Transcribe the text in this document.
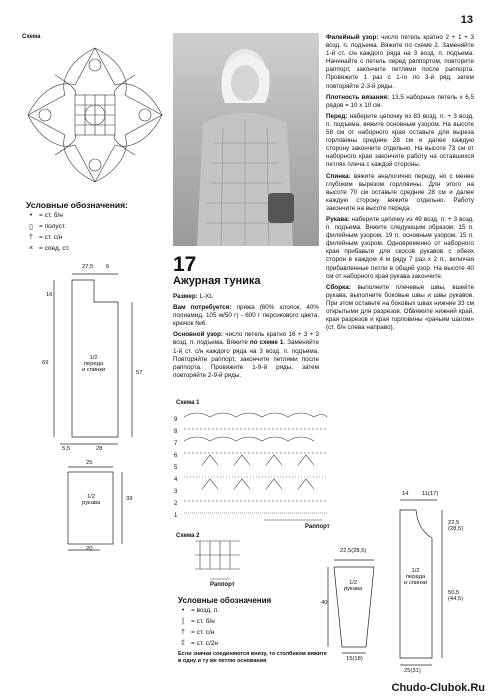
13
Схема
Условные обозначения:
•	= ст. б/н
▯ = полуст.
† = ст. с/н
× = соед. ст.
27,5 6
69
57
16
5,5	28
1/2
переда
и спинки
25
39
20
1/2
рукава
17
Ажурная туника
Размер: L-XL
Вам потребуется: пряжа (60% хлопок, 40% полиамид, 105 м/50 г) - 600 г персикового цвета, крючок №6.
Основной узор: число петель кратно 16 + 3 + 3 возд. п. подъема. Вяжите по схеме 1. Заменяйте 1-й ст. с/н каждого ряда на 3 возд. п. подъема. Повторяйте раппорт, закончите петлями после раппорта. Провяжите 1-9-й ряды, затем повторяйте 2-9-й ряды.
Филейный узор: число петель кратно 2 + 1 + 3 возд. п. подъема. Вяжите по схеме 2. Заменяйте 1-й ст. с/н каждого ряда на 3 возд. п. подъема. Начинайте с петель перед раппортом, повторите раппорт, закончите петлями после раппорта. Провяжите 1 раз с 1-го по 3-й ряд, затем повторяйте 2-3-й ряды.
Плотность вязания: 13,5 наборных петель х 6,5 рядов = 10 х 10 см.
Перед: наберите цепочку из 83 возд. п. + 3 возд. п. подъема, вяжите основным узором. На высоте 58 см от наборного края оставьте для выреза горловины средние 28 см и далее каждую сторону закончите отдельно. На высоте 73 см от наборного края закончите работу на оставшихся петлях плеча с каждой стороны.
Спинка: вяжите аналогично переду, но с менее глубоким вырезом горловины. Для этого на высоте 70 см оставьте средние 28 см и далее каждую сторону вяжите отдельно. Работу закончите на высоте переда.
Рукава: наберите цепочку из 49 возд. п. + 3 возд. п. подъема. Вяжите следующим образом: 15 п. филейным узором, 19 п. основным узором, 15 п. филейным узором. Одновременно от наборного края прибавьте для скосов рукавов с обеих сторон в каждом 4 м ряду 7 раз х 2 п., включая прибавленные петли в общий узор. На высоте 40 см от наборного края рукава закончите.
Сборка: выполните плечевые швы, вшейте рукава, выполните боковые швы и швы рукавов. При этом оставьте на боковых швах нижние 33 см открытыми для разрезов. Обвяжите нижний край, края разрезов и края горловины «рачьим шагом» (ст. б/н слева направо).
Схема 1
9
8
7
6
5
4
3
2
1
Раппорт
Схема 2
Раппорт
Условные обозначения
•	= возд. п.
|	= ст. б/н
† = ст. с/н
‡ = ст. с/2н
Если значки соединяются внизу, то столбиком вяжите в одну и ту же петлю основания
14 11(17)
22,5
(28,5)
50,5
(44,5)
25(31)
1/2
переда
и спинки
22,5(28,5)
40
15(18)
1/2
рукава
Chudo-Clubok.Ru
